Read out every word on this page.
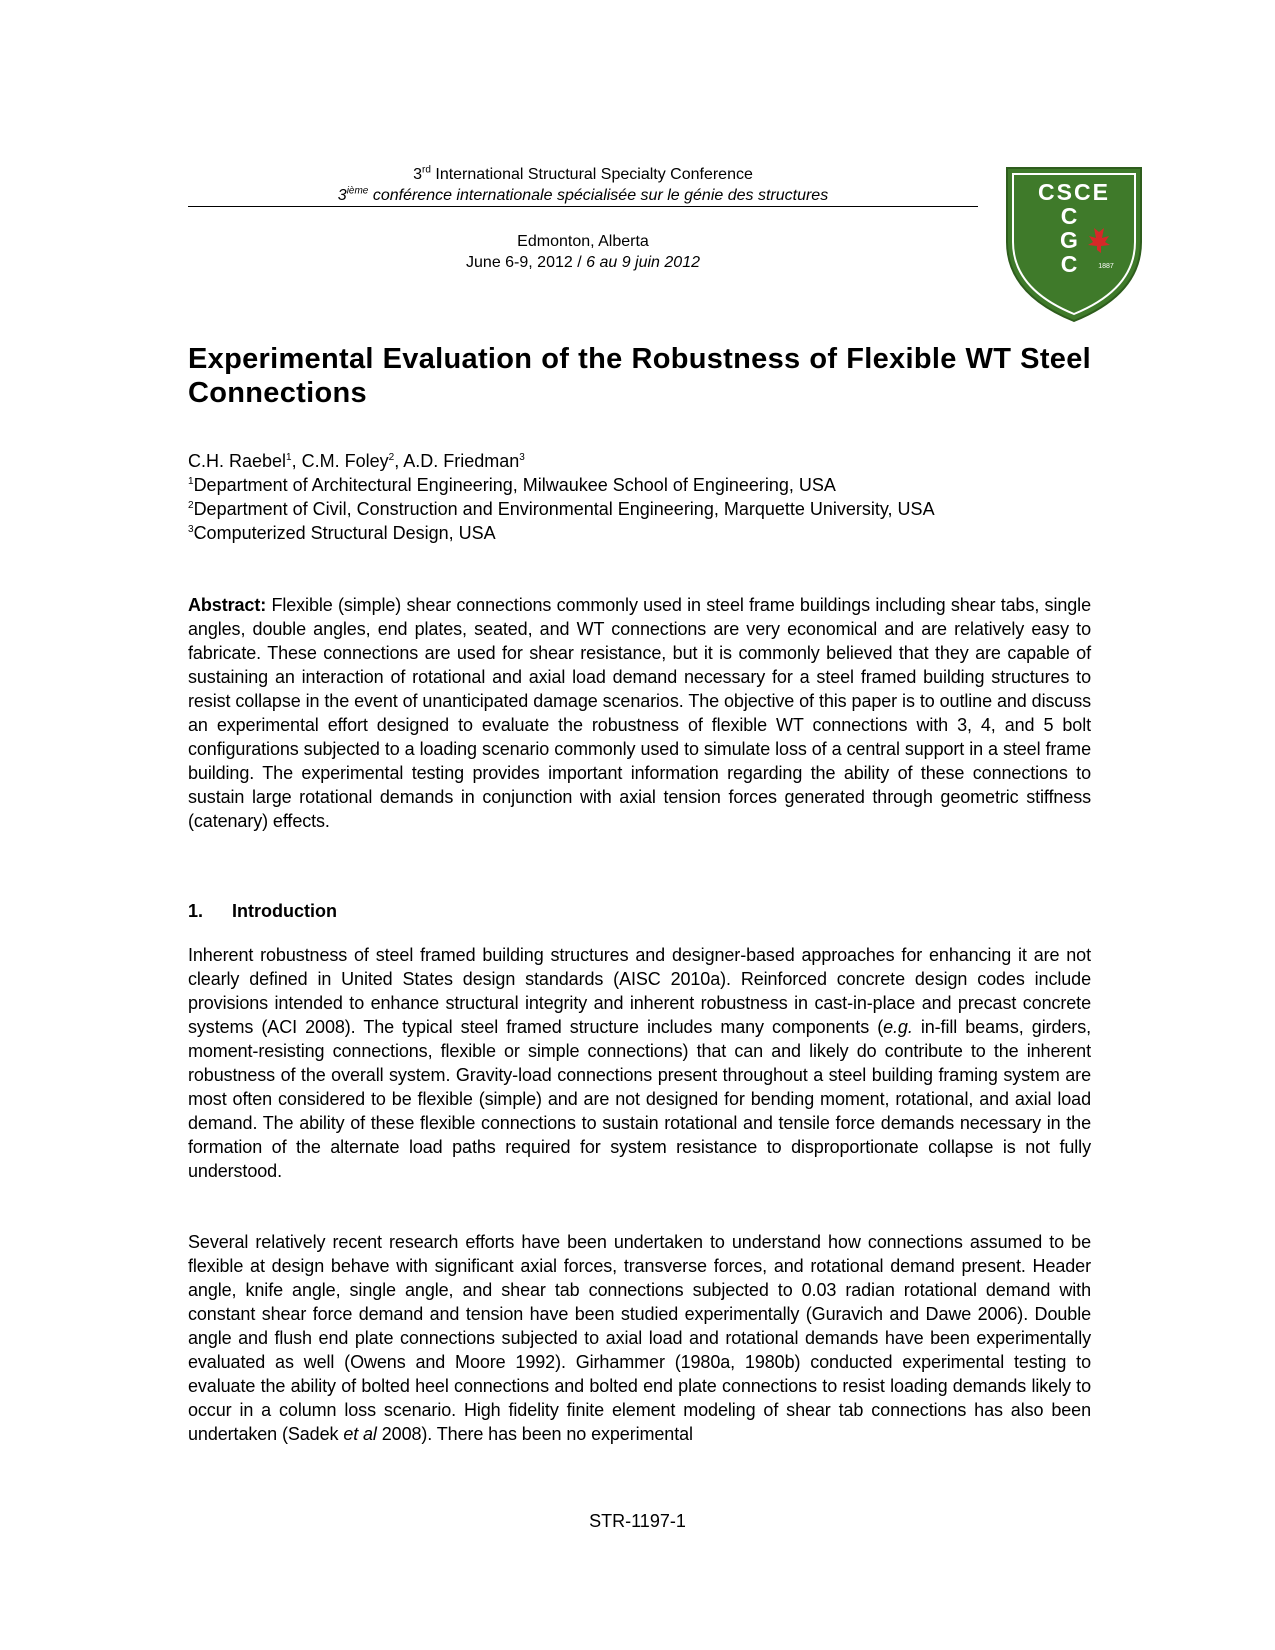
3rd International Structural Specialty Conference
3ième conférence internationale spécialisée sur le génie des structures
Edmonton, Alberta
June 6-9, 2012 / 6 au 9 juin 2012
CSCE
C
G
C	1887
Experimental Evaluation of the Robustness of Flexible WT Steel Connections
C.H. Raebel$^1$, C.M. Foley$^2$, A.D. Friedman$^3$
$^1$Department of Architectural Engineering, Milwaukee School of Engineering, USA
$^2$Department of Civil, Construction and Environmental Engineering, Marquette University, USA
$^3$Computerized Structural Design, USA
Abstract: Flexible (simple) shear connections commonly used in steel frame buildings including shear tabs, single angles, double angles, end plates, seated, and WT connections are very economical and are relatively easy to fabricate. These connections are used for shear resistance, but it is commonly believed that they are capable of sustaining an interaction of rotational and axial load demand necessary for a steel framed building structures to resist collapse in the event of unanticipated damage scenarios. The objective of this paper is to outline and discuss an experimental effort designed to evaluate the robustness of flexible WT connections with 3, 4, and 5 bolt configurations subjected to a loading scenario commonly used to simulate loss of a central support in a steel frame building. The experimental testing provides important information regarding the ability of these connections to sustain large rotational demands in conjunction with axial tension forces generated through geometric stiffness (catenary) effects.
1. Introduction
Inherent robustness of steel framed building structures and designer-based approaches for enhancing it are not clearly defined in United States design standards (AISC 2010a). Reinforced concrete design codes include provisions intended to enhance structural integrity and inherent robustness in cast-in-place and precast concrete systems (ACI 2008). The typical steel framed structure includes many components (e.g. in-fill beams, girders, moment-resisting connections, flexible or simple connections) that can and likely do contribute to the inherent robustness of the overall system. Gravity-load connections present throughout a steel building framing system are most often considered to be flexible (simple) and are not designed for bending moment, rotational, and axial load demand. The ability of these flexible connections to sustain rotational and tensile force demands necessary in the formation of the alternate load paths required for system resistance to disproportionate collapse is not fully understood.
Several relatively recent research efforts have been undertaken to understand how connections assumed to be flexible at design behave with significant axial forces, transverse forces, and rotational demand present. Header angle, knife angle, single angle, and shear tab connections subjected to 0.03 radian rotational demand with constant shear force demand and tension have been studied experimentally (Guravich and Dawe 2006). Double angle and flush end plate connections subjected to axial load and rotational demands have been experimentally evaluated as well (Owens and Moore 1992). Girhammer (1980a, 1980b) conducted experimental testing to evaluate the ability of bolted heel connections and bolted end plate connections to resist loading demands likely to occur in a column loss scenario. High fidelity finite element modeling of shear tab connections has also been undertaken (Sadek et al 2008). There has been no experimental
STR-1197-1
